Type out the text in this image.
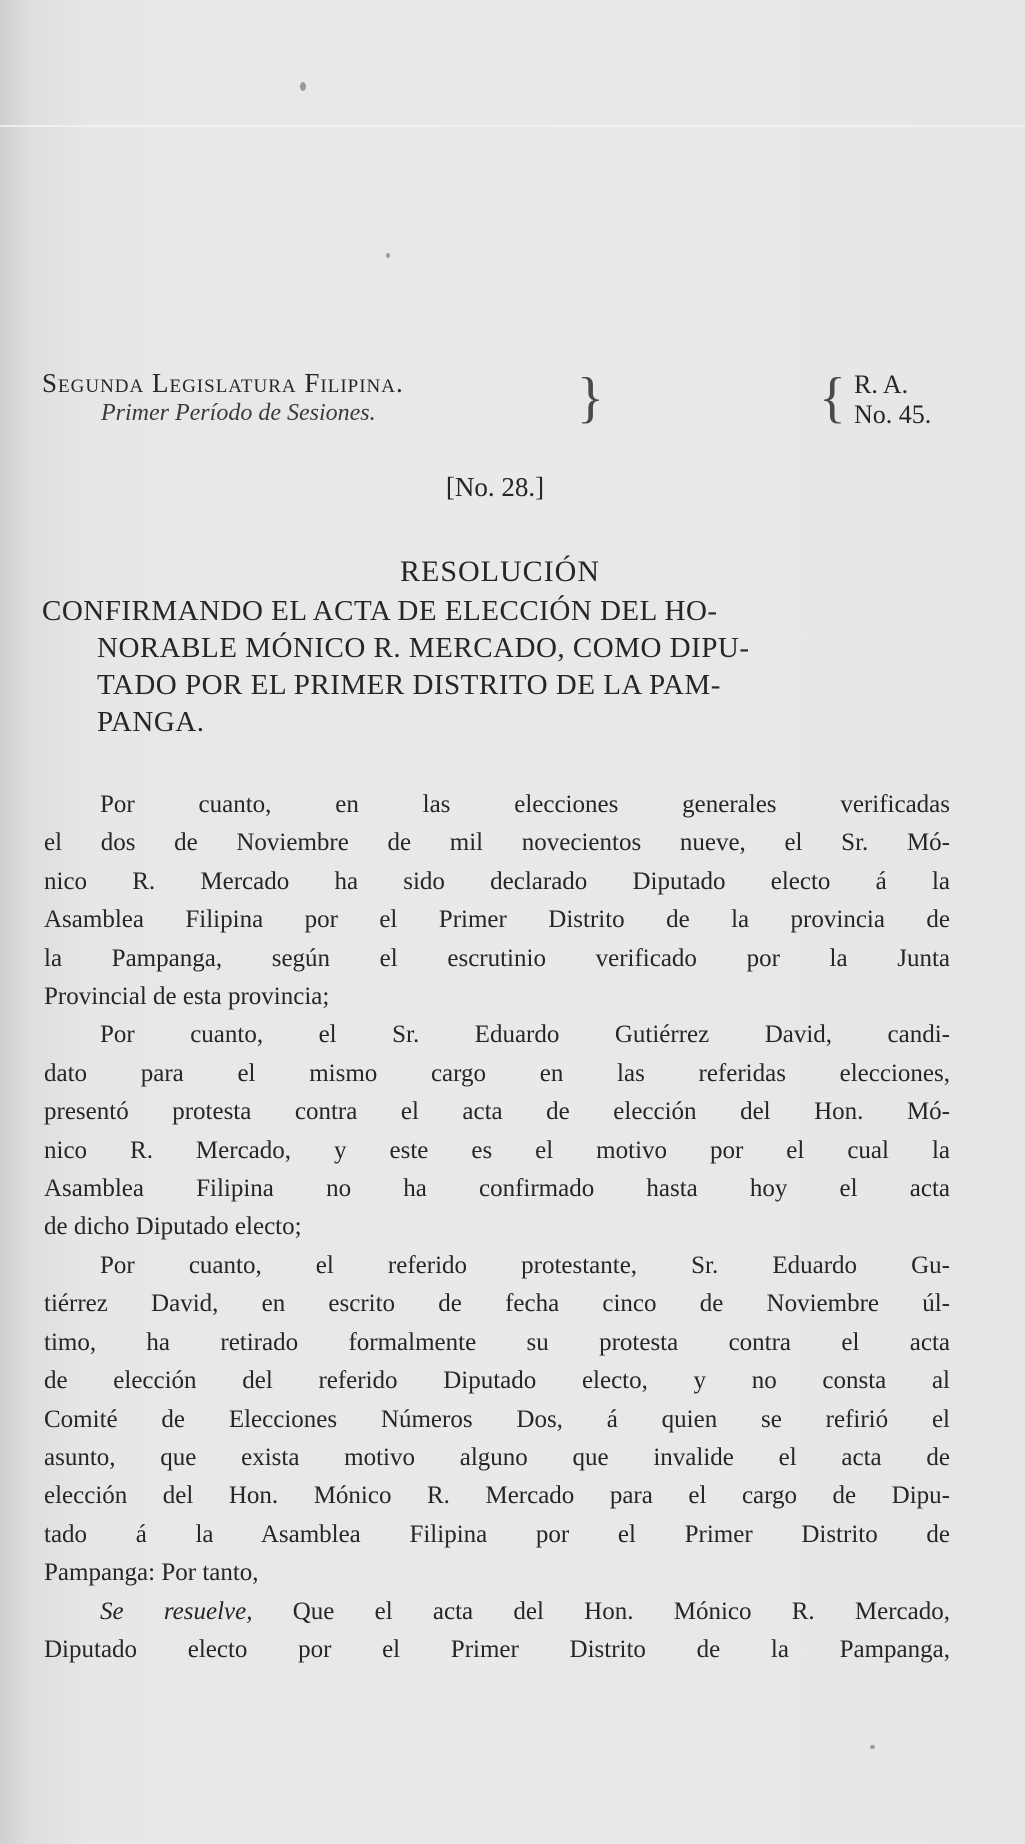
Segunda Legislatura Filipina.
Primer Período de Sesiones.	}	{ R. A.
No. 45.
[No. 28.]
RESOLUCIÓN
CONFIRMANDO EL ACTA DE ELECCIÓN DEL HO-
NORABLE MÓNICO R. MERCADO, COMO DIPU-
TADO POR EL PRIMER DISTRITO DE LA PAM-
PANGA.
Por cuanto, en las elecciones generales verificadas
el dos de Noviembre de mil novecientos nueve, el Sr. Mó-
nico R. Mercado ha sido declarado Diputado electo á la
Asamblea Filipina por el Primer Distrito de la provincia de
la Pampanga, según el escrutinio verificado por la Junta
Provincial de esta provincia;
Por cuanto, el Sr. Eduardo Gutiérrez David, candi-
dato para el mismo cargo en las referidas elecciones,
presentó protesta contra el acta de elección del Hon. Mó-
nico R. Mercado, y este es el motivo por el cual la
Asamblea Filipina no ha confirmado hasta hoy el acta
de dicho Diputado electo;
Por cuanto, el referido protestante, Sr. Eduardo Gu-
tiérrez David, en escrito de fecha cinco de Noviembre úl-
timo, ha retirado formalmente su protesta contra el acta
de elección del referido Diputado electo, y no consta al
Comité de Elecciones Números Dos, á quien se refirió el
asunto, que exista motivo alguno que invalide el acta de
elección del Hon. Mónico R. Mercado para el cargo de Dipu-
tado á la Asamblea Filipina por el Primer Distrito de
Pampanga: Por tanto,
Se resuelve, Que el acta del Hon. Mónico R. Mercado,
Diputado electo por el Primer Distrito de la Pampanga,
